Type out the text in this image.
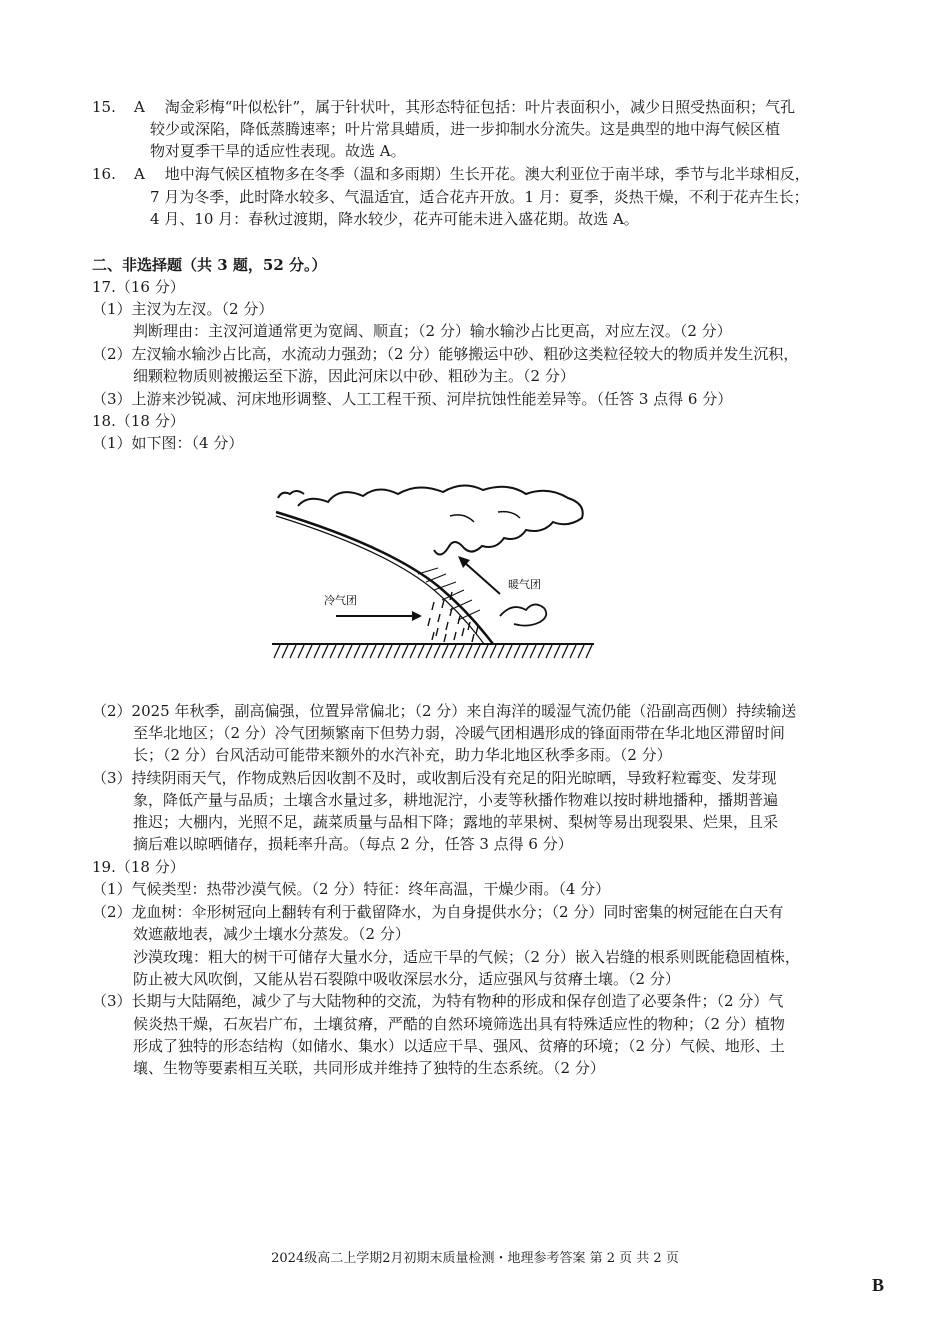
15. A 淘金彩梅“叶似松针”，属于针状叶，其形态特征包括：叶片表面积小，减少日照受热面积；气孔
较少或深陷，降低蒸腾速率；叶片常具蜡质，进一步抑制水分流失。这是典型的地中海气候区植
物对夏季干旱的适应性表现。故选 A。
16. A 地中海气候区植物多在冬季（温和多雨期）生长开花。澳大利亚位于南半球，季节与北半球相反，
7 月为冬季，此时降水较多、气温适宜，适合花卉开放。1 月：夏季，炎热干燥，不利于花卉生长；
4 月、10 月：春秋过渡期，降水较少，花卉可能未进入盛花期。故选 A。
二、非选择题（共 3 题，52 分。）
17.（16 分）
（1）主汊为左汊。（2 分）
判断理由：主汊河道通常更为宽阔、顺直；（2 分）输水输沙占比更高，对应左汊。（2 分）
（2）左汊输水输沙占比高，水流动力强劲；（2 分）能够搬运中砂、粗砂这类粒径较大的物质并发生沉积，
细颗粒物质则被搬运至下游，因此河床以中砂、粗砂为主。（2 分）
（3）上游来沙锐减、河床地形调整、人工工程干预、河岸抗蚀性能差异等。（任答 3 点得 6 分）
18.（18 分）
（1）如下图：（4 分）
冷气团
暖气团
（2）2025 年秋季，副高偏强，位置异常偏北；（2 分）来自海洋的暖湿气流仍能（沿副高西侧）持续输送
至华北地区；（2 分）冷气团频繁南下但势力弱，冷暖气团相遇形成的锋面雨带在华北地区滞留时间
长；（2 分）台风活动可能带来额外的水汽补充，助力华北地区秋季多雨。（2 分）
（3）持续阴雨天气，作物成熟后因收割不及时，或收割后没有充足的阳光晾晒，导致籽粒霉变、发芽现
象，降低产量与品质；土壤含水量过多，耕地泥泞，小麦等秋播作物难以按时耕地播种，播期普遍
推迟；大棚内，光照不足，蔬菜质量与品相下降；露地的苹果树、梨树等易出现裂果、烂果，且采
摘后难以晾晒储存，损耗率升高。（每点 2 分，任答 3 点得 6 分）
19.（18 分）
（1）气候类型：热带沙漠气候。（2 分）特征：终年高温，干燥少雨。（4 分）
（2）龙血树：伞形树冠向上翻转有利于截留降水，为自身提供水分；（2 分）同时密集的树冠能在白天有
效遮蔽地表，减少土壤水分蒸发。（2 分）
沙漠玫瑰：粗大的树干可储存大量水分，适应干旱的气候；（2 分）嵌入岩缝的根系则既能稳固植株，
防止被大风吹倒，又能从岩石裂隙中吸收深层水分，适应强风与贫瘠土壤。（2 分）
（3）长期与大陆隔绝，减少了与大陆物种的交流，为特有物种的形成和保存创造了必要条件；（2 分）气
候炎热干燥，石灰岩广布，土壤贫瘠，严酷的自然环境筛选出具有特殊适应性的物种；（2 分）植物
形成了独特的形态结构（如储水、集水）以适应干旱、强风、贫瘠的环境；（2 分）气候、地形、土
壤、生物等要素相互关联，共同形成并维持了独特的生态系统。（2 分）
2024级高二上学期2月初期末质量检测・地理参考答案 第 2 页 共 2 页
B
